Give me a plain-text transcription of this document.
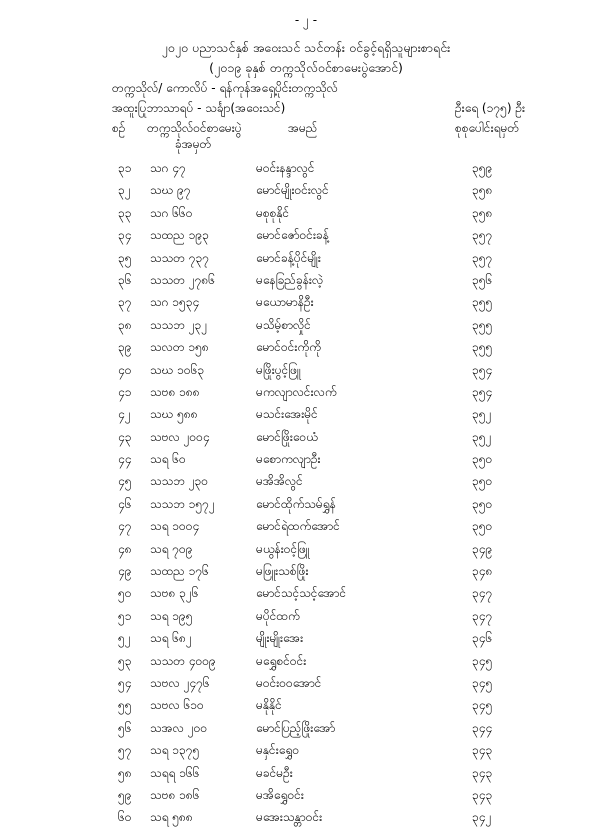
- ၂ -
၂၀၂၀ ပညာသင်နှစ် အဝေးသင် သင်တန်း ဝင်ခွင့်ရရှိသူများစာရင်း
(၂၀၁၉ ခုနှစ် တက္ကသိုလ်ဝင်စာမေးပွဲအောင်)
တက္ကသိုလ်/ ကောလိပ် - ရန်ကုန်အရှေ့ပိုင်းတက္ကသိုလ်
အထူးပြုဘာသာရပ် - သင်္ချာ(အဝေးသင်)	ဦးရေ (၁၇၅) ဦး
စဉ် တက္ကသိုလ်ဝင်စာမေးပွဲ
ခုံအမှတ်
အမည်	စုစုပေါင်းရမှတ်
၃၁ သဂ ၄၇	မဝင်းနန္ဒာလွင်	၃၅၉
၃၂ သဃ ၉၇	မောင်မျိုးဝင်းလွင်	၃၅၈
၃၃ သဂ ၆၆၀	မစုစုနိုင်	၃၅၈
၃၄ သထည ၁၉၃	မောင်ဇော်ဝင်းခန့်	၃၅၇
၃၅ သသတ ၇၃၇	မောင်ခန့်ပိုင်မျိုး	၃၅၇
၃၆ သသတ ၂၇၈၆	မနေခြည်ခွန်းလဲ့	၃၅၆
၃၇ သဂ ၁၅၃၄	မယောမာနိဦး	၃၅၅
၃၈ သသဘ ၂၃၂	မသိမ့်စာလှိုင်	၃၅၅
၃၉ သလတ ၁၅၈	မောင်ဝင်းကိုကို	၃၅၅
၄၀ သဃ ၁၀၆၃	မဖြိုးပွင့်ဖြူ	၃၅၄
၄၁ သဗ၈ ၁၈၈	မကလျာလင်းလက်	၃၅၄
၄၂ သဃ ၅၈၈	မသင်းအေးမိုင်	၃၅၂
၄၃ သဗလ ၂၀၀၄	မောင်ဖြိုးဝေယံ	၃၅၂
၄၄ သရ ၆၀	မစောကလျာဦး	၃၅၀
၄၅ သသဘ ၂၃၀	မအိအိလွင်	၃၅၀
၄၆ သသဘ ၁၅၇၂	မောင်ထိုက်သမ်ရွှန်	၃၅၀
၄၇ သရ ၁၀၀၄	မောင်ရဲထက်အောင်	၃၅၀
၄၈ သရ ၇၀၉	မယွန်းဝင့်ဖြူ	၃၄၉
၄၉ သထည ၁၇၆	မဖြူးသစ်ဖြိုး	၃၄၈
၅၀ သဗ၈ ၃၂၆	မောင်သင့်သင့်အောင်	၃၄၇
၅၁ သရ ၁၉၅	မပိုင်ထက်	၃၄၇
၅၂ သရ ၆၈၂	မျိုးမျိုးအေး	၃၄၆
၅၃ သသတ ၄၀၀၉	မရွှေစင်ဝင်း	၃၄၅
၅၄ သဗလ ၂၄၇၆	မဝင်း၀၀အောင်	၃၄၅
၅၅ သဗလ ၆၁၀	မနိုနိုင်	၃၄၅
၅၆ သအလ ၂၀၀	မောင်ပြည့်ဖြိုးအော်	၃၄၄
၅၇ သရ ၁၃၇၅	မနှင်းရွှေဝ	၃၄၃
၅၈ သရရ ၁၆၆	မခင်မဦး	၃၄၃
၅၉ သဗ၈ ၁၈၆	မအိရွှေဝင်း	၃၄၃
၆၀ သရ ၅၈၈	မအေးသန္တာဝင်း	၃၄၂
